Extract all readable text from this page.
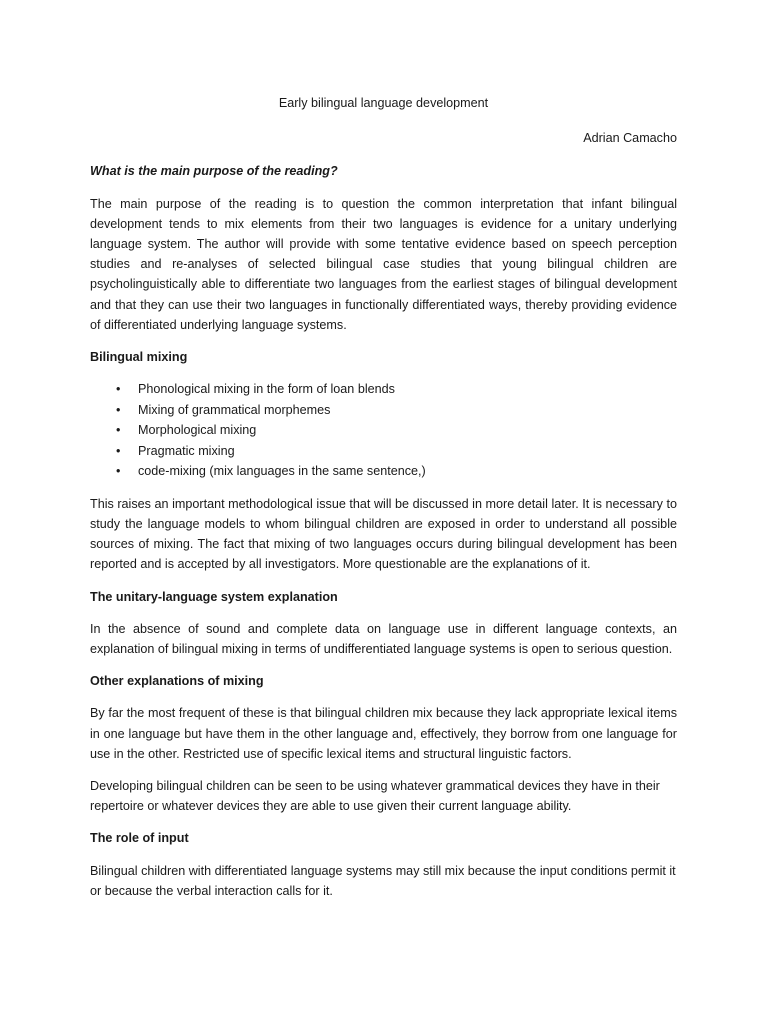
Early bilingual language development

Adrian Camacho

What is the main purpose of the reading?

The main purpose of the reading is to question the common interpretation that infant bilingual development tends to mix elements from their two languages is evidence for a unitary underlying language system. The author will provide with some tentative evidence based on speech perception studies and re-analyses of selected bilingual case studies that young bilingual children are psycholinguistically able to differentiate two languages from the earliest stages of bilingual development and that they can use their two languages in functionally differentiated ways, thereby providing evidence of differentiated underlying language systems.

Bilingual mixing

• Phonological mixing in the form of loan blends
• Mixing of grammatical morphemes
• Morphological mixing
• Pragmatic mixing
• code-mixing (mix languages in the same sentence,)

This raises an important methodological issue that will be discussed in more detail later. It is necessary to study the language models to whom bilingual children are exposed in order to understand all possible sources of mixing. The fact that mixing of two languages occurs during bilingual development has been reported and is accepted by all investigators. More questionable are the explanations of it.

The unitary-language system explanation

In the absence of sound and complete data on language use in different language contexts, an explanation of bilingual mixing in terms of undifferentiated language systems is open to serious question.

Other explanations of mixing

By far the most frequent of these is that bilingual children mix because they lack appropriate lexical items in one language but have them in the other language and, effectively, they borrow from one language for use in the other. Restricted use of specific lexical items and structural linguistic factors.

Developing bilingual children can be seen to be using whatever grammatical devices they have in their repertoire or whatever devices they are able to use given their current language ability.

The role of input

Bilingual children with differentiated language systems may still mix because the input conditions permit it or because the verbal interaction calls for it.
